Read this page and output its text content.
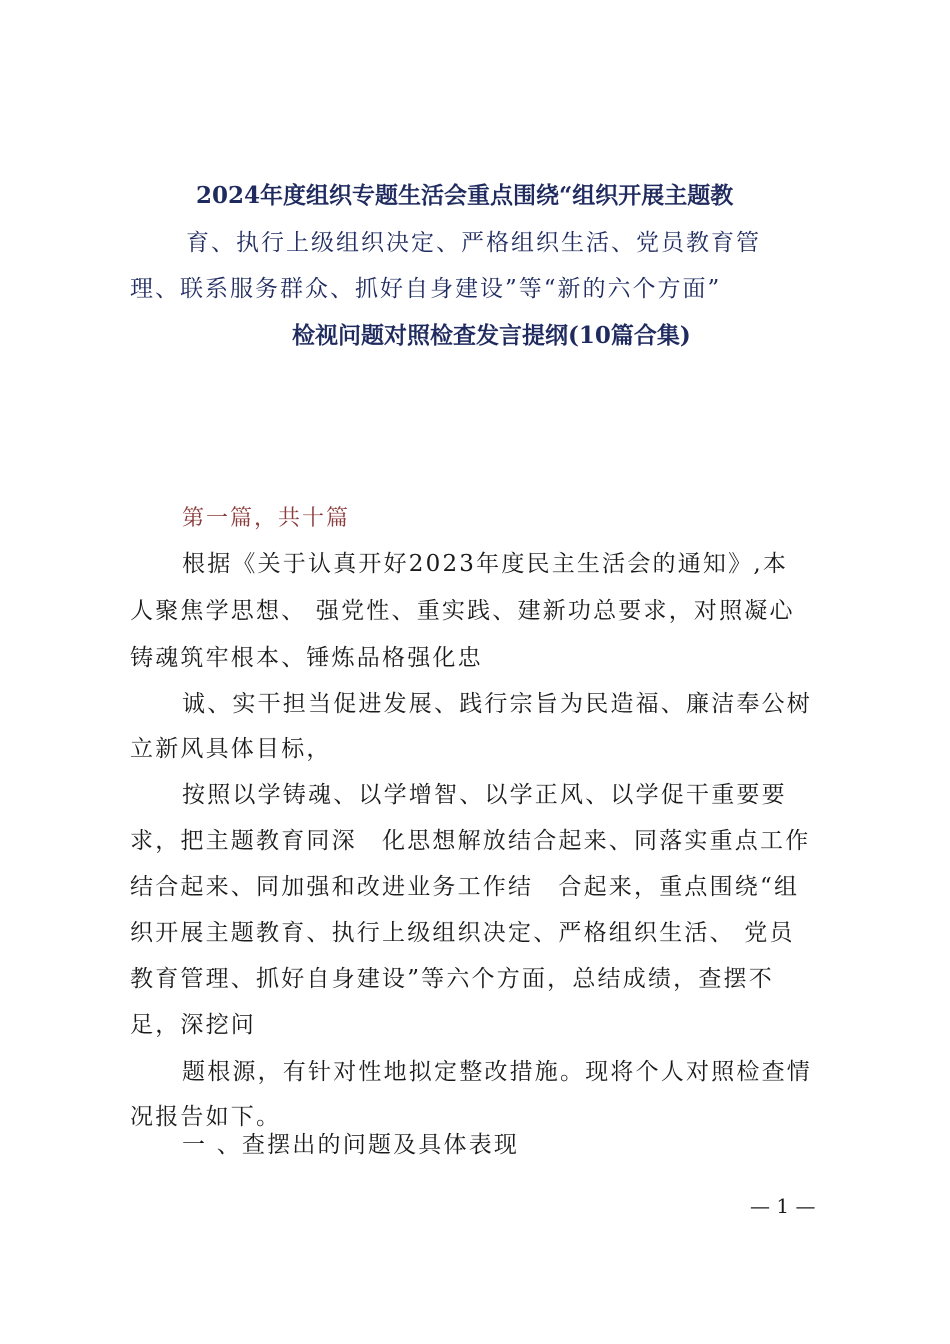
2024年度组织专题生活会重点围绕“组织开展主题教
育、执行上级组织决定、严格组织生活、党员教育管
理、联系服务群众、抓好自身建设”等“新的六个方面”
检视问题对照检查发言提纲(10篇合集)
第一篇，共十篇
根据《关于认真开好2023年度民主生活会的通知》,本
人聚焦学思想、 强党性、重实践、建新功总要求，对照凝心
铸魂筑牢根本、锤炼品格强化忠
诚、实干担当促进发展、践行宗旨为民造福、廉洁奉公树
立新风具体目标，
按照以学铸魂、以学增智、以学正风、以学促干重要要
求，把主题教育同深　化思想解放结合起来、同落实重点工作
结合起来、同加强和改进业务工作结　合起来，重点围绕“组
织开展主题教育、执行上级组织决定、严格组织生活、 党员
教育管理、抓好自身建设”等六个方面，总结成绩，查摆不
足，深挖问
题根源，有针对性地拟定整改措施。现将个人对照检查情
况报告如下。
一 、查摆出的问题及具体表现
— 1 —
